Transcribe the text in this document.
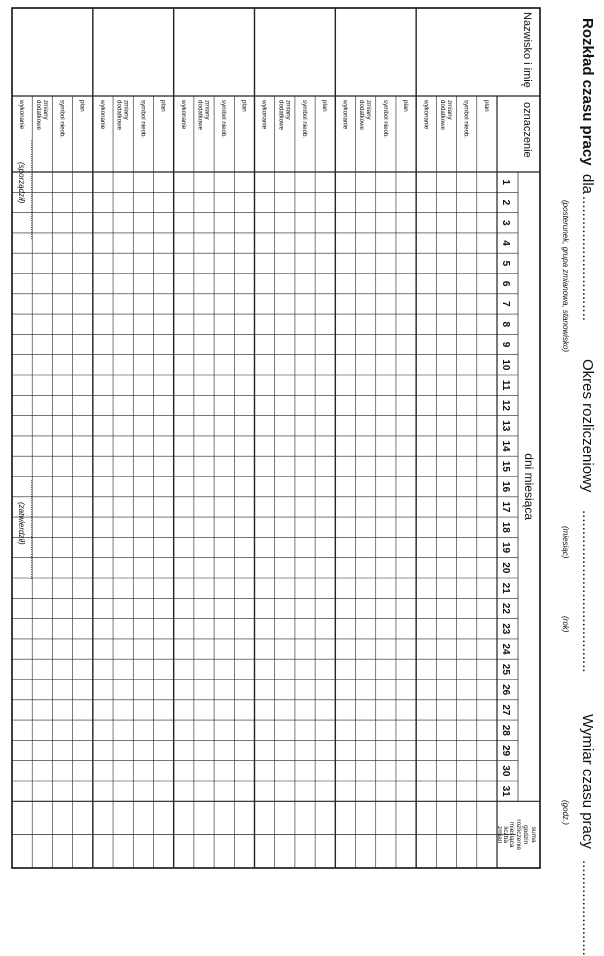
Rozkład czasu pracy
dla
..............................
Okres rozliczeniowy
.......................................
Wymiar czasu pracy
.......................
(posterunek, grupa zmianowa, stanowisko)
(miesiąc)
(rok)
(godz.)
Nazwisko i imię
oznaczenie
dni miesiąca
1
2
3
4
5
6
7
8
9
10
11
12
13
14
15
16
17
18
19
20
21
22
23
24
25
26
27
28
29
30
31
suma
godzin
rozliczenie
miesiąca
liczba
zmian
plan
symbol nieob.
zmiany
dodatkowe
wykonanie
plan
symbol nieob.
zmiany
dodatkowe
wykonanie
plan
symbol nieob.
zmiany
dodatkowe
wykonanie
plan
symbol nieob.
zmiany
dodatkowe
wykonanie
plan
symbol nieob.
zmiany
dodatkowe
wykonanie
plan
symbol nieob.
zmiany
dodatkowe
wykonanie
.............................................
(sporządził)
.............................................
(zatwierdził)
